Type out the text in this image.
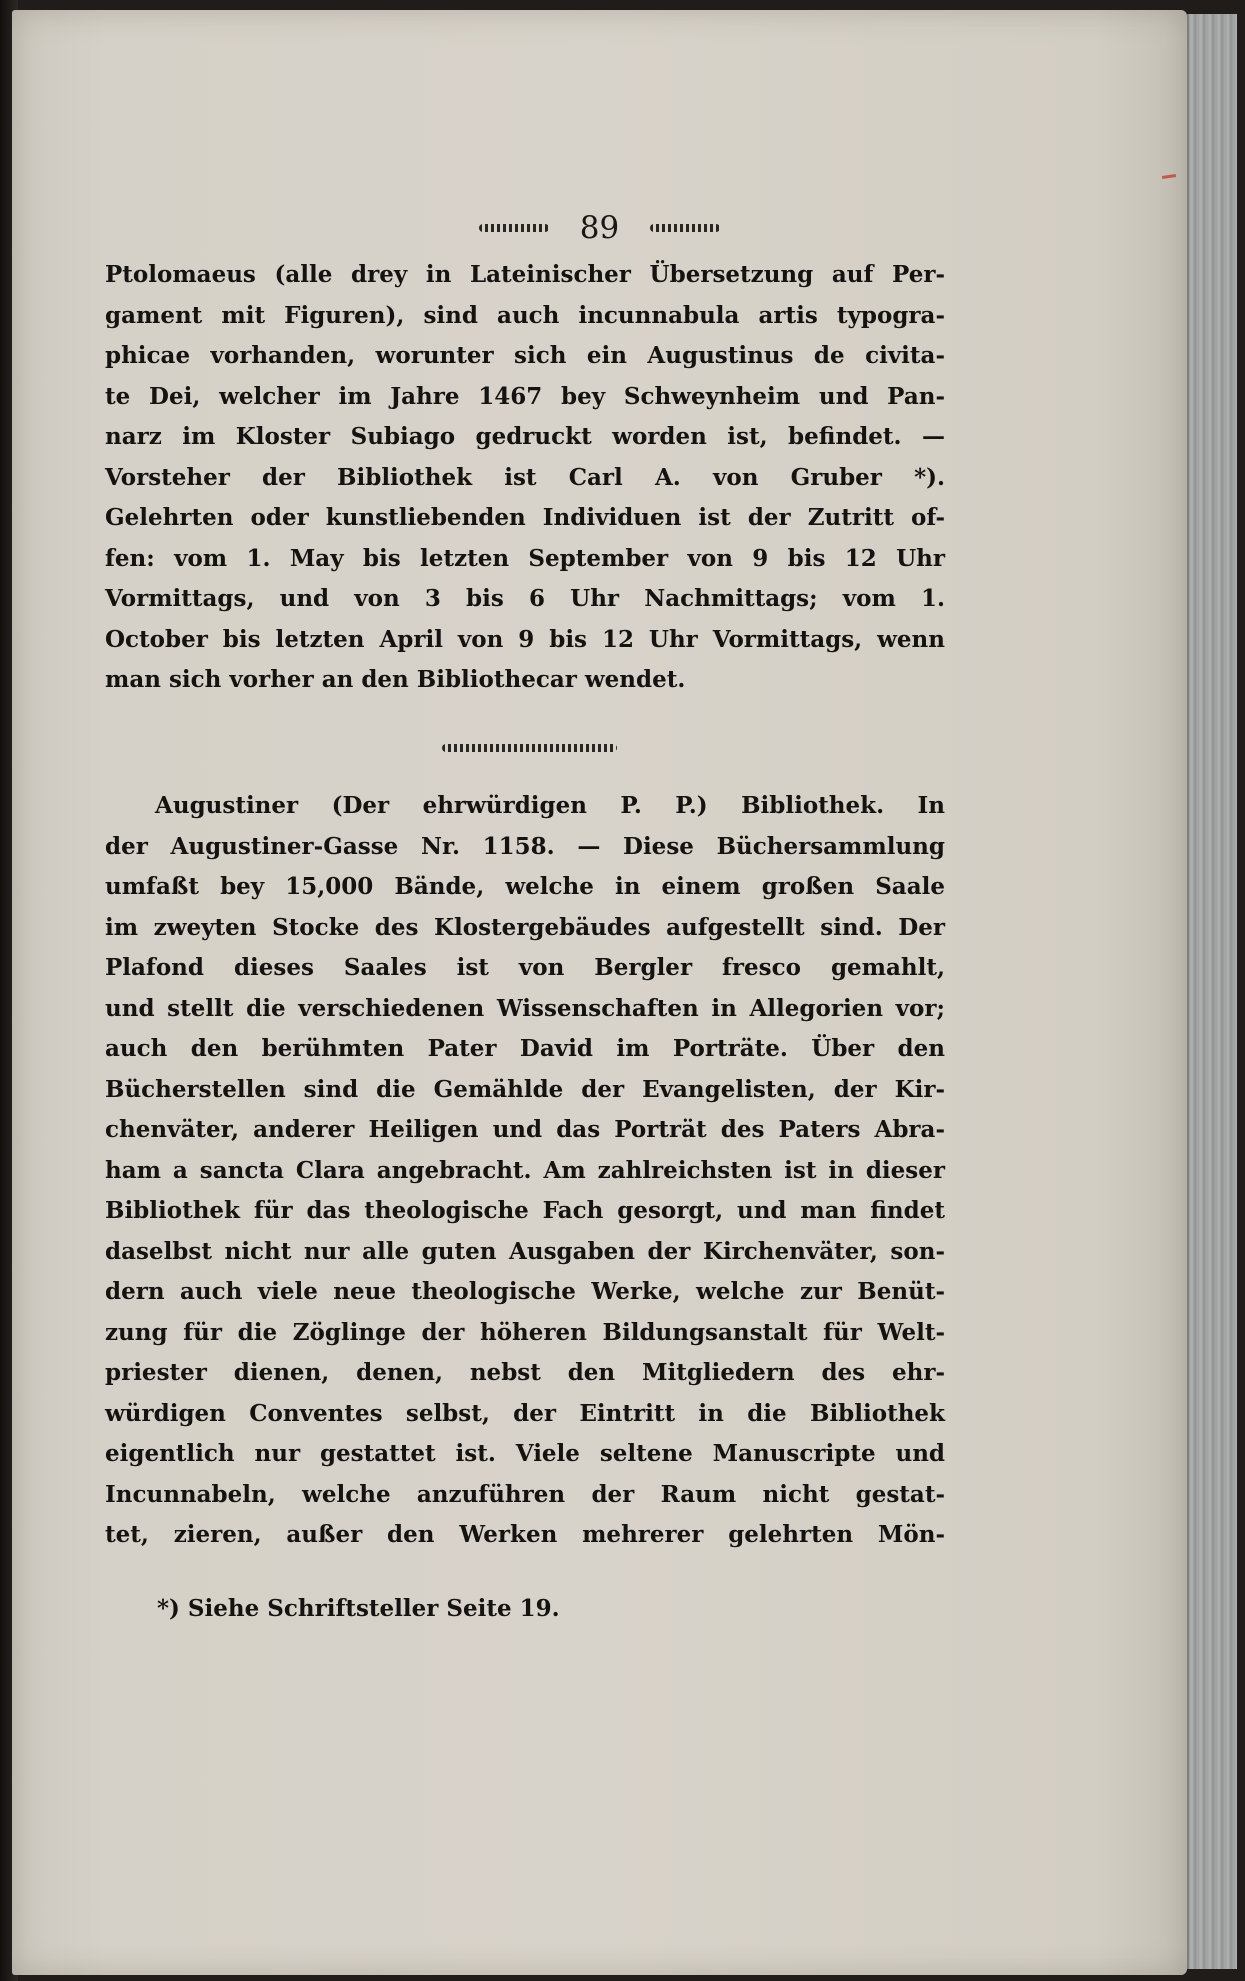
89
Ptolomaeus (alle drey in Lateinischer Übersetzung auf Per-
gament mit Figuren), sind auch incunnabula artis typogra-
phicae vorhanden, worunter sich ein Augustinus de civita-
te Dei, welcher im Jahre 1467 bey Schweynheim und Pan-
narz im Kloster Subiago gedruckt worden ist, befindet. —
Vorsteher der Bibliothek ist Carl A. von Gruber *).
Gelehrten oder kunstliebenden Individuen ist der Zutritt of-
fen: vom 1. May bis letzten September von 9 bis 12 Uhr
Vormittags, und von 3 bis 6 Uhr Nachmittags; vom 1.
October bis letzten April von 9 bis 12 Uhr Vormittags, wenn
man sich vorher an den Bibliothecar wendet.
Augustiner (Der ehrwürdigen P. P.) Bibliothek. In
der Augustiner-Gasse Nr. 1158. — Diese Büchersammlung
umfaßt bey 15,000 Bände, welche in einem großen Saale
im zweyten Stocke des Klostergebäudes aufgestellt sind. Der
Plafond dieses Saales ist von Bergler fresco gemahlt,
und stellt die verschiedenen Wissenschaften in Allegorien vor;
auch den berühmten Pater David im Porträte. Über den
Bücherstellen sind die Gemählde der Evangelisten, der Kir-
chenväter, anderer Heiligen und das Porträt des Paters Abra-
ham a sancta Clara angebracht. Am zahlreichsten ist in dieser
Bibliothek für das theologische Fach gesorgt, und man findet
daselbst nicht nur alle guten Ausgaben der Kirchenväter, son-
dern auch viele neue theologische Werke, welche zur Benüt-
zung für die Zöglinge der höheren Bildungsanstalt für Welt-
priester dienen, denen, nebst den Mitgliedern des ehr-
würdigen Conventes selbst, der Eintritt in die Bibliothek
eigentlich nur gestattet ist. Viele seltene Manuscripte und
Incunnabeln, welche anzuführen der Raum nicht gestat-
tet, zieren, außer den Werken mehrerer gelehrten Mön-
*) Siehe Schriftsteller Seite 19.
